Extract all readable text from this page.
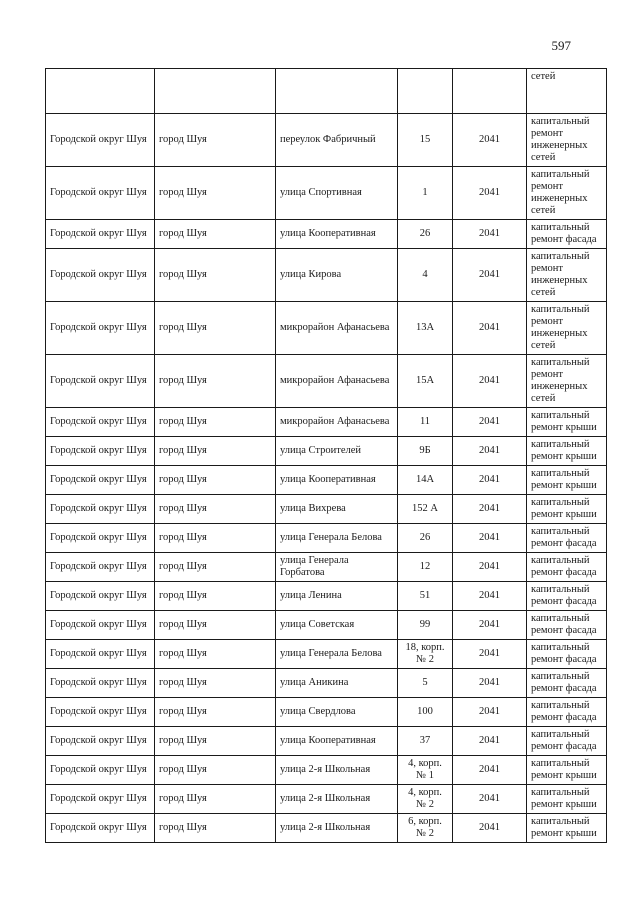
597
					сетей
Городской округ Шуя	город Шуя	переулок Фабричный	15	2041	капитальный ремонт инженерных сетей
Городской округ Шуя	город Шуя	улица Спортивная	1	2041	капитальный ремонт инженерных сетей
Городской округ Шуя	город Шуя	улица Кооперативная	26	2041	капитальный ремонт фасада
Городской округ Шуя	город Шуя	улица Кирова	4	2041	капитальный ремонт инженерных сетей
Городской округ Шуя	город Шуя	микрорайон Афанасьева	13А	2041	капитальный ремонт инженерных сетей
Городской округ Шуя	город Шуя	микрорайон Афанасьева	15А	2041	капитальный ремонт инженерных сетей
Городской округ Шуя	город Шуя	микрорайон Афанасьева	11	2041	капитальный ремонт крыши
Городской округ Шуя	город Шуя	улица Строителей	9Б	2041	капитальный ремонт крыши
Городской округ Шуя	город Шуя	улица Кооперативная	14А	2041	капитальный ремонт крыши
Городской округ Шуя	город Шуя	улица Вихрева	152 А	2041	капитальный ремонт крыши
Городской округ Шуя	город Шуя	улица Генерала Белова	26	2041	капитальный ремонт фасада
Городской округ Шуя	город Шуя	улица Генерала Горбатова	12	2041	капитальный ремонт фасада
Городской округ Шуя	город Шуя	улица Ленина	51	2041	капитальный ремонт фасада
Городской округ Шуя	город Шуя	улица Советская	99	2041	капитальный ремонт фасада
Городской округ Шуя	город Шуя	улица Генерала Белова	18, корп. № 2	2041	капитальный ремонт фасада
Городской округ Шуя	город Шуя	улица Аникина	5	2041	капитальный ремонт фасада
Городской округ Шуя	город Шуя	улица Свердлова	100	2041	капитальный ремонт фасада
Городской округ Шуя	город Шуя	улица Кооперативная	37	2041	капитальный ремонт фасада
Городской округ Шуя	город Шуя	улица 2-я Школьная	4, корп. № 1	2041	капитальный ремонт крыши
Городской округ Шуя	город Шуя	улица 2-я Школьная	4, корп. № 2	2041	капитальный ремонт крыши
Городской округ Шуя	город Шуя	улица 2-я Школьная	6, корп. № 2	2041	капитальный ремонт крыши
